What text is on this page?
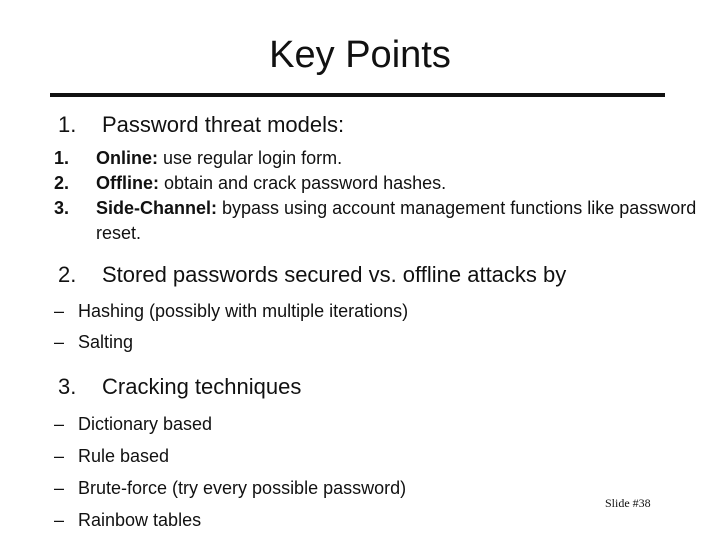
Key Points
1. Password threat models:
1. Online: use regular login form.
2. Offline: obtain and crack password hashes.
3. Side-Channel: bypass using account management functions like password reset.
2. Stored passwords secured vs. offline attacks by
– Hashing (possibly with multiple iterations)
– Salting
3. Cracking techniques
– Dictionary based
– Rule based
– Brute-force (try every possible password)
– Rainbow tables
Slide #38
